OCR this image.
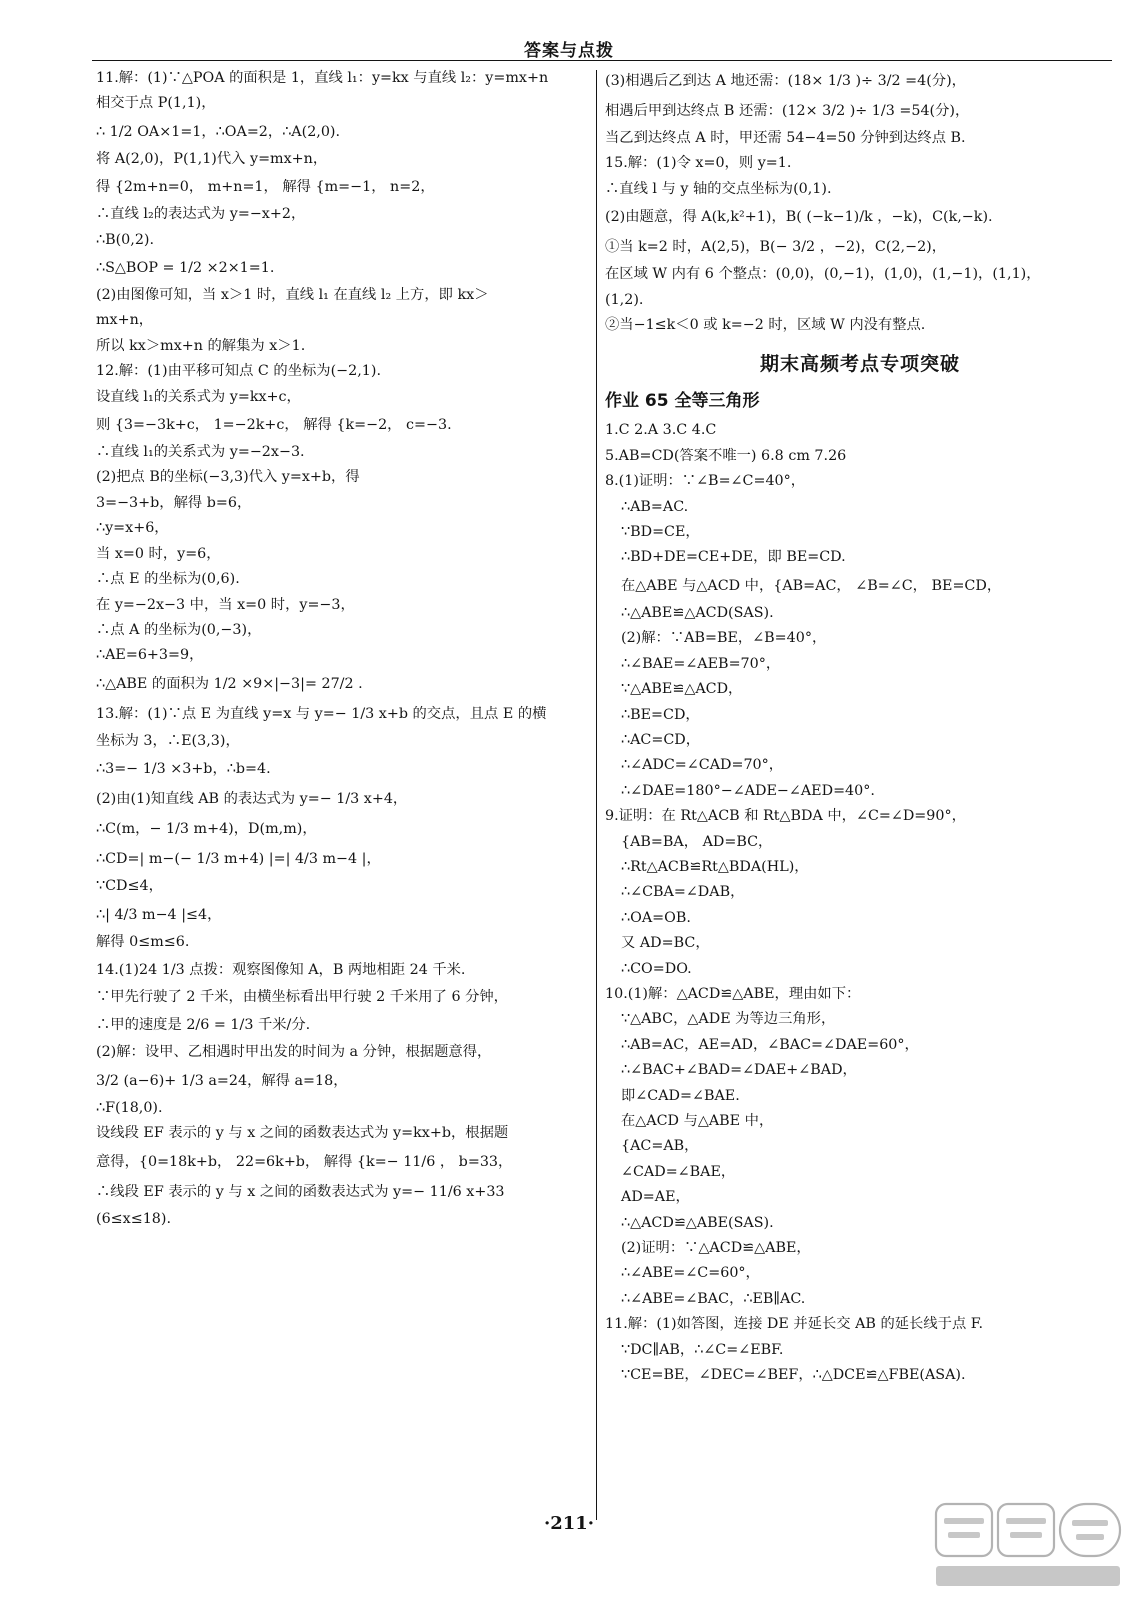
答案与点拨
11.解：(1)∵△POA 的面积是 1，直线 l₁：y=kx 与直线 l₂：y=mx+n
相交于点 P(1,1)，
∴ 1/2 OA×1=1，∴OA=2，∴A(2,0).
将 A(2,0)，P(1,1)代入 y=mx+n，
得 {2m+n=0， m+n=1， 解得 {m=−1， n=2，
∴直线 l₂的表达式为 y=−x+2，
∴B(0,2).
∴S△BOP = 1/2 ×2×1=1.
(2)由图像可知，当 x＞1 时，直线 l₁ 在直线 l₂ 上方，即 kx＞
mx+n，
所以 kx＞mx+n 的解集为 x＞1.
12.解：(1)由平移可知点 C 的坐标为(−2,1).
设直线 l₁的关系式为 y=kx+c，
则 {3=−3k+c， 1=−2k+c， 解得 {k=−2， c=−3.
∴直线 l₁的关系式为 y=−2x−3.
(2)把点 B的坐标(−3,3)代入 y=x+b，得
3=−3+b，解得 b=6，
∴y=x+6，
当 x=0 时，y=6，
∴点 E 的坐标为(0,6).
在 y=−2x−3 中，当 x=0 时，y=−3，
∴点 A 的坐标为(0,−3)，
∴AE=6+3=9，
∴△ABE 的面积为 1/2 ×9×|−3|= 27/2 .
13.解：(1)∵点 E 为直线 y=x 与 y=− 1/3 x+b 的交点，且点 E 的横
坐标为 3，∴E(3,3)，
∴3=− 1/3 ×3+b，∴b=4.
(2)由(1)知直线 AB 的表达式为 y=− 1/3 x+4，
∴C(m，− 1/3 m+4)，D(m,m)，
∴CD=| m−(− 1/3 m+4) |=| 4/3 m−4 |，
∵CD≤4，
∴| 4/3 m−4 |≤4，
解得 0≤m≤6.
14.(1)24 1/3 点拨：观察图像知 A，B 两地相距 24 千米.
∵甲先行驶了 2 千米，由横坐标看出甲行驶 2 千米用了 6 分钟，
∴甲的速度是 2/6 = 1/3 千米/分.
(2)解：设甲、乙相遇时甲出发的时间为 a 分钟，根据题意得，
3/2 (a−6)+ 1/3 a=24，解得 a=18，
∴F(18,0).
设线段 EF 表示的 y 与 x 之间的函数表达式为 y=kx+b，根据题
意得，{0=18k+b， 22=6k+b， 解得 {k=− 11/6 ， b=33，
∴线段 EF 表示的 y 与 x 之间的函数表达式为 y=− 11/6 x+33
(6≤x≤18).
(3)相遇后乙到达 A 地还需：(18× 1/3 )÷ 3/2 =4(分)，
相遇后甲到达终点 B 还需：(12× 3/2 )÷ 1/3 =54(分)，
当乙到达终点 A 时，甲还需 54−4=50 分钟到达终点 B.
15.解：(1)令 x=0，则 y=1.
∴直线 l 与 y 轴的交点坐标为(0,1).
(2)由题意，得 A(k,k²+1)，B( (−k−1)/k ，−k)，C(k,−k).
①当 k=2 时，A(2,5)，B(− 3/2 ，−2)，C(2,−2)，
在区域 W 内有 6 个整点：(0,0)，(0,−1)，(1,0)，(1,−1)，(1,1)，
(1,2).
②当−1≤k＜0 或 k=−2 时，区域 W 内没有整点.
期末高频考点专项突破
作业 65 全等三角形
1.C 2.A 3.C 4.C
5.AB=CD(答案不唯一) 6.8 cm 7.26
8.(1)证明：∵∠B=∠C=40°，
∴AB=AC.
∵BD=CE，
∴BD+DE=CE+DE，即 BE=CD.
在△ABE 与△ACD 中，{AB=AC， ∠B=∠C， BE=CD，
∴△ABE≌△ACD(SAS).
(2)解：∵AB=BE，∠B=40°，
∴∠BAE=∠AEB=70°，
∵△ABE≌△ACD，
∴BE=CD，
∴AC=CD，
∴∠ADC=∠CAD=70°，
∴∠DAE=180°−∠ADE−∠AED=40°.
9.证明：在 Rt△ACB 和 Rt△BDA 中，∠C=∠D=90°，
{AB=BA， AD=BC，
∴Rt△ACB≌Rt△BDA(HL)，
∴∠CBA=∠DAB，
∴OA=OB.
又 AD=BC，
∴CO=DO.
10.(1)解：△ACD≌△ABE，理由如下：
∵△ABC，△ADE 为等边三角形，
∴AB=AC，AE=AD，∠BAC=∠DAE=60°，
∴∠BAC+∠BAD=∠DAE+∠BAD，
即∠CAD=∠BAE.
在△ACD 与△ABE 中，
{AC=AB，
∠CAD=∠BAE，
AD=AE，
∴△ACD≌△ABE(SAS).
(2)证明：∵△ACD≌△ABE，
∴∠ABE=∠C=60°，
∴∠ABE=∠BAC，∴EB∥AC.
11.解：(1)如答图，连接 DE 并延长交 AB 的延长线于点 F.
∵DC∥AB，∴∠C=∠EBF.
∵CE=BE，∠DEC=∠BEF，∴△DCE≌△FBE(ASA).
·211·
